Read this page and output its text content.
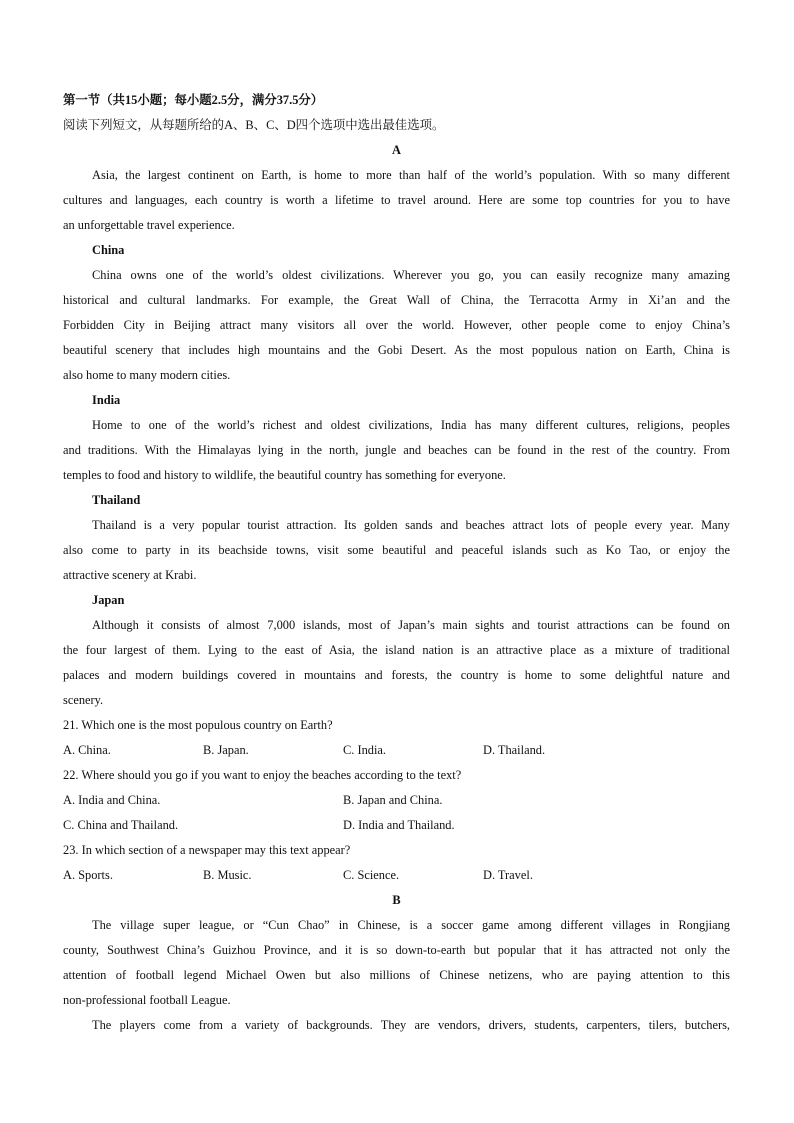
第一节（共15小题；每小题2.5分，满分37.5分）
阅读下列短文，从每题所给的A、B、C、D四个选项中选出最佳选项。
A
Asia, the largest continent on Earth, is home to more than half of the world’s population. With so many different
cultures and languages, each country is worth a lifetime to travel around. Here are some top countries for you to have
an unforgettable travel experience.
China
China owns one of the world’s oldest civilizations. Wherever you go, you can easily recognize many amazing
historical and cultural landmarks. For example, the Great Wall of China, the Terracotta Army in Xi’an and the
Forbidden City in Beijing attract many visitors all over the world. However, other people come to enjoy China’s
beautiful scenery that includes high mountains and the Gobi Desert. As the most populous nation on Earth, China is
also home to many modern cities.
India
Home to one of the world’s richest and oldest civilizations, India has many different cultures, religions, peoples
and traditions. With the Himalayas lying in the north, jungle and beaches can be found in the rest of the country. From
temples to food and history to wildlife, the beautiful country has something for everyone.
Thailand
Thailand is a very popular tourist attraction. Its golden sands and beaches attract lots of people every year. Many
also come to party in its beachside towns, visit some beautiful and peaceful islands such as Ko Tao, or enjoy the
attractive scenery at Krabi.
Japan
Although it consists of almost 7,000 islands, most of Japan’s main sights and tourist attractions can be found on
the four largest of them. Lying to the east of Asia, the island nation is an attractive place as a mixture of traditional
palaces and modern buildings covered in mountains and forests, the country is home to some delightful nature and
scenery.
21. Which one is the most populous country on Earth?
A. China.	B. Japan.	C. India.	D. Thailand.
22. Where should you go if you want to enjoy the beaches according to the text?
A. India and China.	B. Japan and China.
C. China and Thailand.	D. India and Thailand.
23. In which section of a newspaper may this text appear?
A. Sports.	B. Music.	C. Science.	D. Travel.
B
The village super league, or “Cun Chao” in Chinese, is a soccer game among different villages in Rongjiang
county, Southwest China’s Guizhou Province, and it is so down-to-earth but popular that it has attracted not only the
attention of football legend Michael Owen but also millions of Chinese netizens, who are paying attention to this
non-professional football League.
The players come from a variety of backgrounds. They are vendors, drivers, students, carpenters, tilers, butchers,
